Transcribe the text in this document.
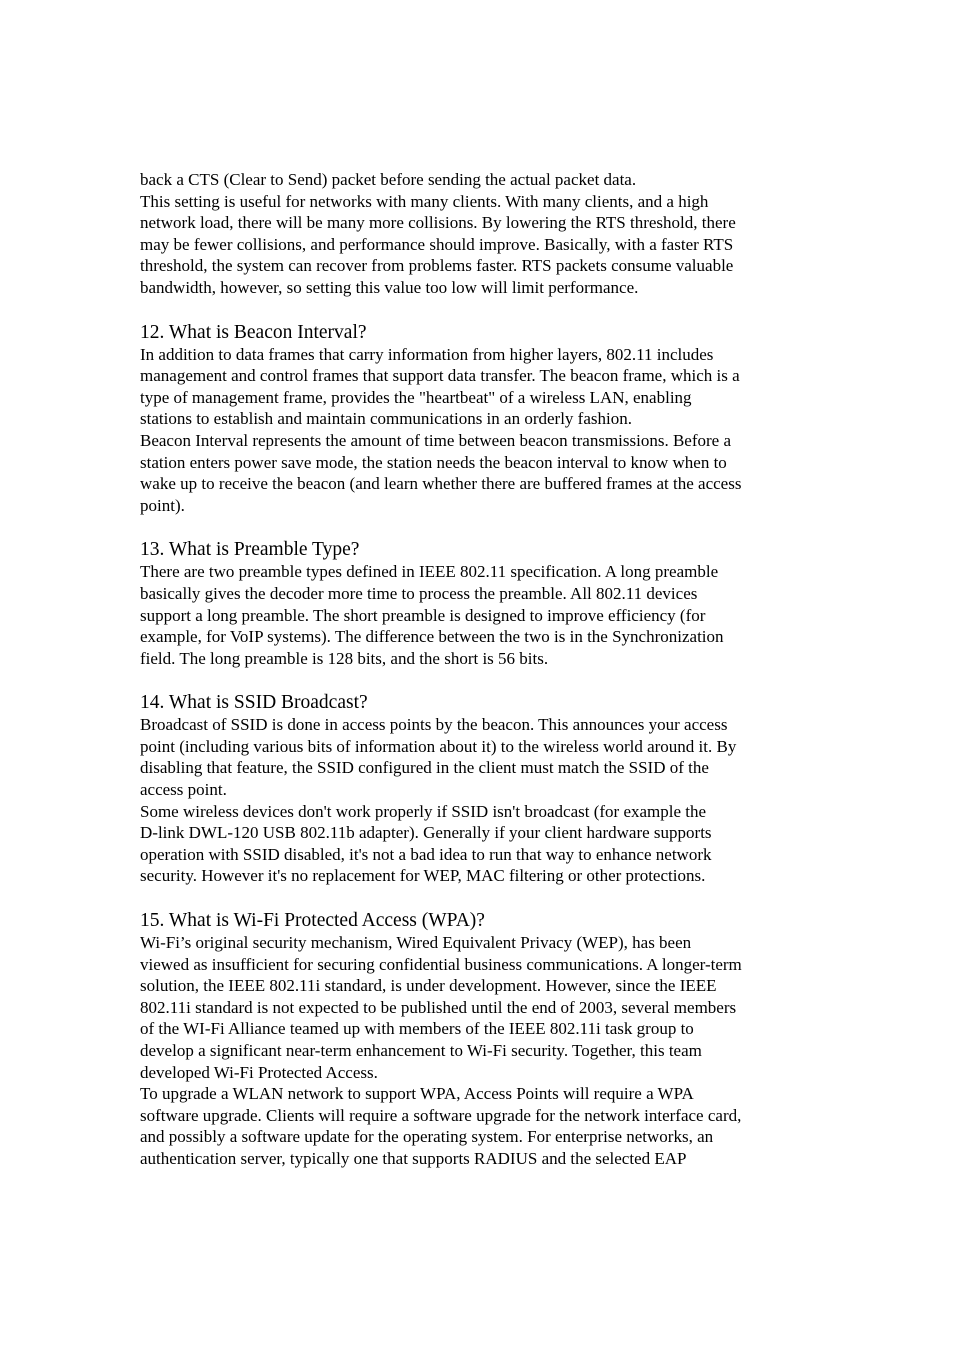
back a CTS (Clear to Send) packet before sending the actual packet data.
This setting is useful for networks with many clients. With many clients, and a high
network load, there will be many more collisions. By lowering the RTS threshold, there
may be fewer collisions, and performance should improve. Basically, with a faster RTS
threshold, the system can recover from problems faster. RTS packets consume valuable
bandwidth, however, so setting this value too low will limit performance.
12. What is Beacon Interval?
In addition to data frames that carry information from higher layers, 802.11 includes
management and control frames that support data transfer. The beacon frame, which is a
type of management frame, provides the "heartbeat" of a wireless LAN, enabling
stations to establish and maintain communications in an orderly fashion.
Beacon Interval represents the amount of time between beacon transmissions. Before a
station enters power save mode, the station needs the beacon interval to know when to
wake up to receive the beacon (and learn whether there are buffered frames at the access
point).
13. What is Preamble Type?
There are two preamble types defined in IEEE 802.11 specification. A long preamble
basically gives the decoder more time to process the preamble. All 802.11 devices
support a long preamble. The short preamble is designed to improve efficiency (for
example, for VoIP systems). The difference between the two is in the Synchronization
field. The long preamble is 128 bits, and the short is 56 bits.
14. What is SSID Broadcast?
Broadcast of SSID is done in access points by the beacon. This announces your access
point (including various bits of information about it) to the wireless world around it. By
disabling that feature, the SSID configured in the client must match the SSID of the
access point.
Some wireless devices don't work properly if SSID isn't broadcast (for example the
D-link DWL-120 USB 802.11b adapter). Generally if your client hardware supports
operation with SSID disabled, it's not a bad idea to run that way to enhance network
security. However it's no replacement for WEP, MAC filtering or other protections.
15. What is Wi-Fi Protected Access (WPA)?
Wi-Fi’s original security mechanism, Wired Equivalent Privacy (WEP), has been
viewed as insufficient for securing confidential business communications. A longer-term
solution, the IEEE 802.11i standard, is under development. However, since the IEEE
802.11i standard is not expected to be published until the end of 2003, several members
of the WI-Fi Alliance teamed up with members of the IEEE 802.11i task group to
develop a significant near-term enhancement to Wi-Fi security. Together, this team
developed Wi-Fi Protected Access.
To upgrade a WLAN network to support WPA, Access Points will require a WPA
software upgrade. Clients will require a software upgrade for the network interface card,
and possibly a software update for the operating system. For enterprise networks, an
authentication server, typically one that supports RADIUS and the selected EAP
